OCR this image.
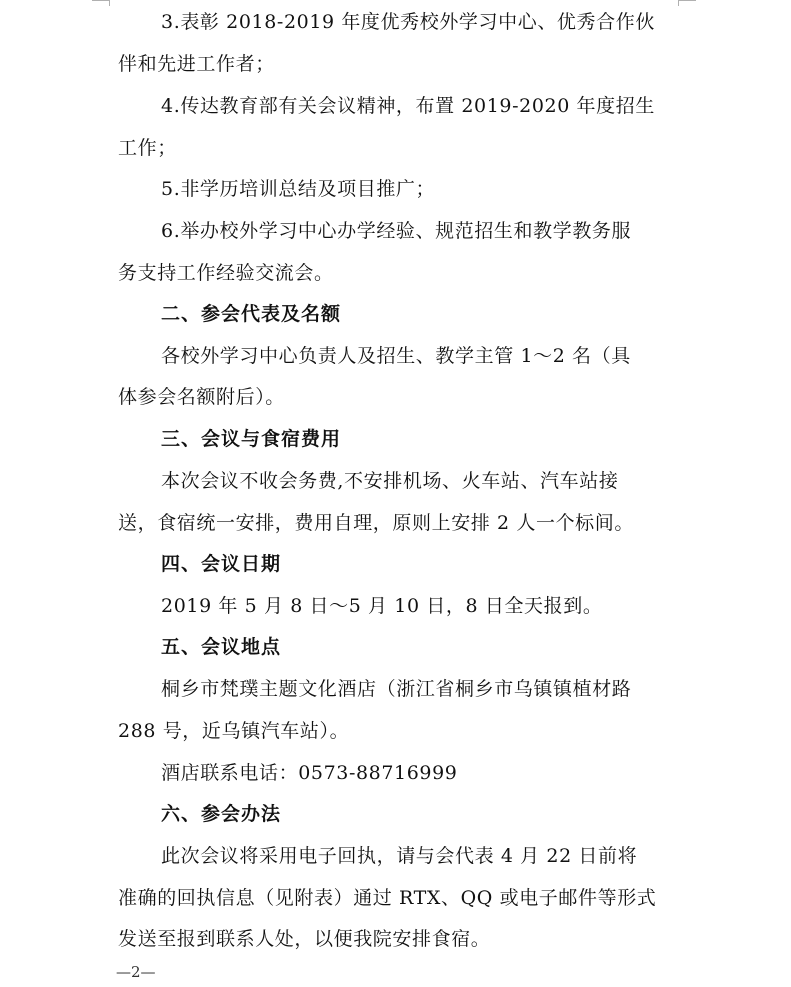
3.表彰 2018-2019 年度优秀校外学习中心、优秀合作伙
伴和先进工作者；
4.传达教育部有关会议精神，布置 2019-2020 年度招生
工作；
5.非学历培训总结及项目推广；
6.举办校外学习中心办学经验、规范招生和教学教务服
务支持工作经验交流会。
二、参会代表及名额
各校外学习中心负责人及招生、教学主管 1～2 名（具
体参会名额附后）。
三、会议与食宿费用
本次会议不收会务费,不安排机场、火车站、汽车站接
送，食宿统一安排，费用自理，原则上安排 2 人一个标间。
四、会议日期
2019 年 5 月 8 日～5 月 10 日，8 日全天报到。
五、会议地点
桐乡市梵璞主题文化酒店（浙江省桐乡市乌镇镇植材路
288 号，近乌镇汽车站）。
酒店联系电话：0573-88716999
六、参会办法
此次会议将采用电子回执，请与会代表 4 月 22 日前将
准确的回执信息（见附表）通过 RTX、QQ 或电子邮件等形式
发送至报到联系人处，以便我院安排食宿。
—2—
